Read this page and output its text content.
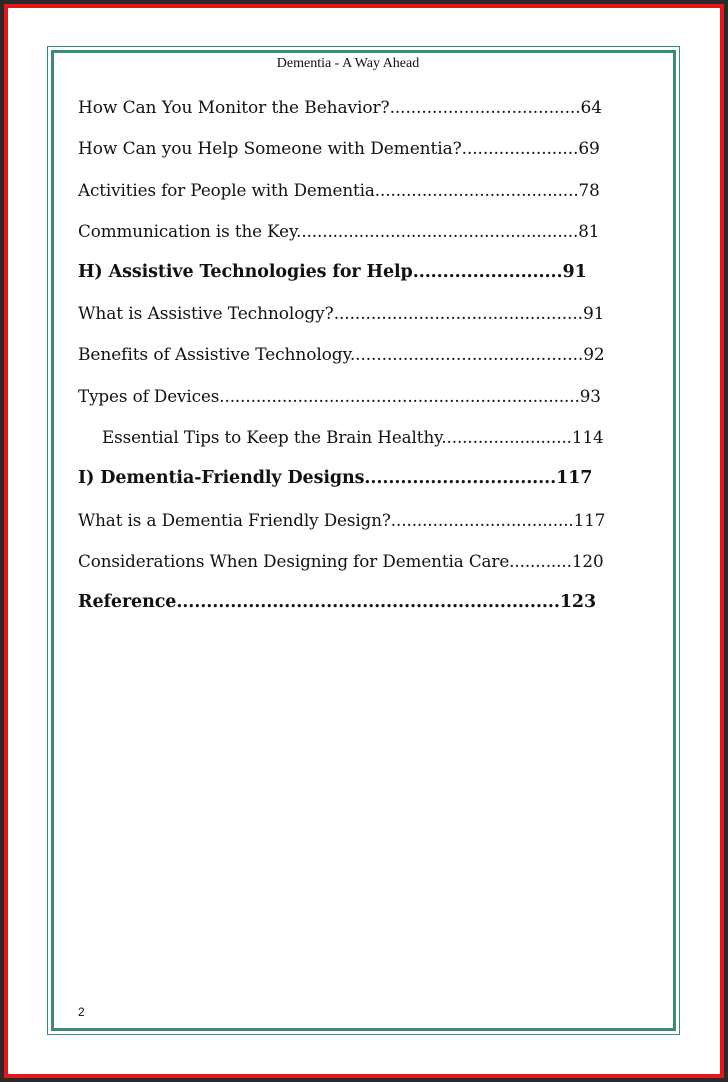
Dementia - A Way Ahead
How Can You Monitor the Behavior?....................................64
How Can you Help Someone with Dementia?......................69
Activities for People with Dementia.......................................78
Communication is the Key......................................................81
H) Assistive Technologies for Help.........................91
What is Assistive Technology?...............................................91
Benefits of Assistive Technology............................................92
Types of Devices.....................................................................93
Essential Tips to Keep the Brain Healthy.........................114
I) Dementia-Friendly Designs................................117
What is a Dementia Friendly Design?...................................117
Considerations When Designing for Dementia Care............120
Reference................................................................123
2
